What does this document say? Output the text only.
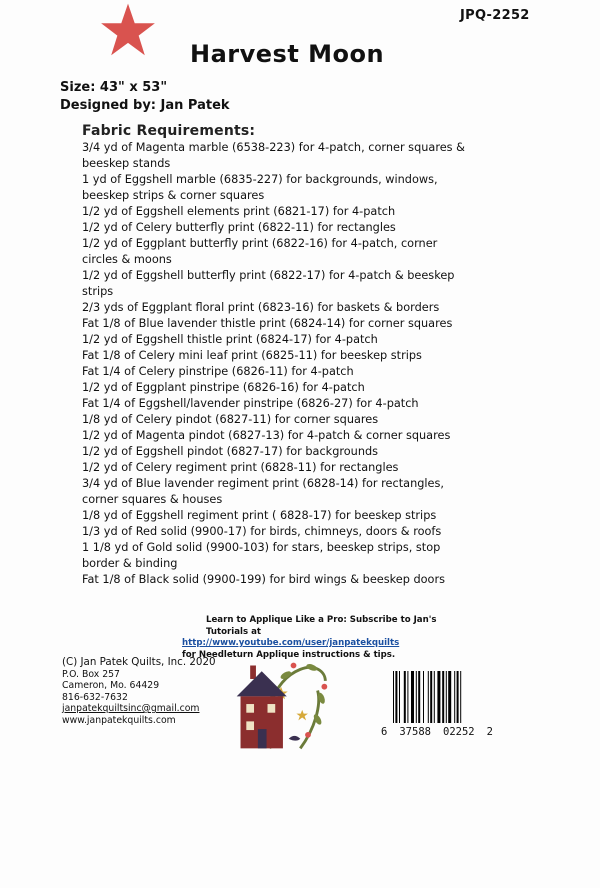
JPQ-2252
Harvest Moon
Size: 43" x 53"
Designed by: Jan Patek
Fabric Requirements:

3/4 yd of Magenta marble (6538-223) for 4-patch, corner squares & beeskep stands

1 yd of Eggshell marble (6835-227) for backgrounds, windows, beeskep strips & corner squares

1/2 yd of Eggshell elements print (6821-17) for 4-patch

1/2 yd of Celery butterfly print (6822-11) for rectangles

1/2 yd of Eggplant butterfly print (6822-16) for 4-patch, corner circles & moons

1/2 yd of Eggshell butterfly print (6822-17) for 4-patch & beeskep strips

2/3 yds of Eggplant floral print (6823-16) for baskets & borders

Fat 1/8 of Blue lavender thistle print (6824-14) for corner squares

1/2 yd of Eggshell thistle print (6824-17) for 4-patch

Fat 1/8 of Celery mini leaf print (6825-11) for beeskep strips

Fat 1/4 of Celery pinstripe (6826-11) for 4-patch

1/2 yd of Eggplant pinstripe (6826-16) for 4-patch

Fat 1/4 of Eggshell/lavender pinstripe (6826-27) for 4-patch

1/8 yd of Celery pindot (6827-11) for corner squares

1/2 yd of Magenta pindot (6827-13) for 4-patch & corner squares

1/2 yd of Eggshell pindot (6827-17) for backgrounds

1/2 yd of Celery regiment print (6828-11) for rectangles

3/4 yd of Blue lavender regiment print (6828-14) for rectangles, corner squares & houses

1/8 yd of Eggshell regiment print ( 6828-17) for beeskep strips

1/3 yd of Red solid (9900-17) for birds, chimneys, doors & roofs

1 1/8 yd of Gold solid (9900-103) for stars, beeskep strips, stop border & binding

Fat 1/8 of Black solid (9900-199) for bird wings & beeskep doors

Learn to Applique Like a Pro: Subscribe to Jan's Tutorials at
http://www.youtube.com/user/janpatekquilts
for Needleturn Applique instructions & tips.
(C) Jan Patek Quilts, Inc. 2020
P.O. Box 257
Cameron, Mo. 64429
816-632-7632
janpatekquiltsinc@gmail.com
www.janpatekquilts.com
6 37588 02252 2
